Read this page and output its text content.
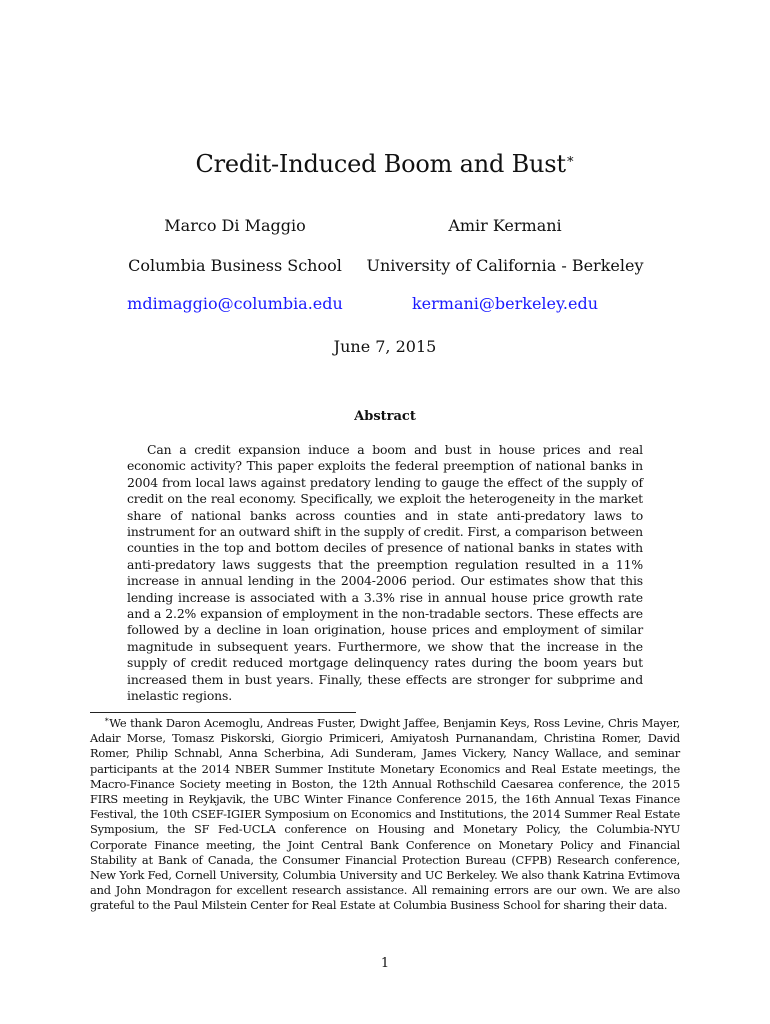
Credit-Induced Boom and Bust∗
Marco Di Maggio
Columbia Business School
mdimaggio@columbia.edu
Amir Kermani
University of California - Berkeley
kermani@berkeley.edu
June 7, 2015
Abstract
Can a credit expansion induce a boom and bust in house prices and real economic activity? This paper exploits the federal preemption of national banks in 2004 from local laws against predatory lending to gauge the effect of the supply of credit on the real economy. Specifically, we exploit the heterogeneity in the market share of national banks across counties and in state anti-predatory laws to instrument for an outward shift in the supply of credit. First, a comparison between counties in the top and bottom deciles of presence of national banks in states with anti-predatory laws suggests that the preemption regulation resulted in a 11% increase in annual lending in the 2004-2006 period. Our estimates show that this lending increase is associated with a 3.3% rise in annual house price growth rate and a 2.2% expansion of employment in the non-tradable sectors. These effects are followed by a decline in loan origination, house prices and employment of similar magnitude in subsequent years. Furthermore, we show that the increase in the supply of credit reduced mortgage delinquency rates during the boom years but increased them in bust years. Finally, these effects are stronger for subprime and inelastic regions.
∗We thank Daron Acemoglu, Andreas Fuster, Dwight Jaffee, Benjamin Keys, Ross Levine, Chris Mayer, Adair Morse, Tomasz Piskorski, Giorgio Primiceri, Amiyatosh Purnanandam, Christina Romer, David Romer, Philip Schnabl, Anna Scherbina, Adi Sunderam, James Vickery, Nancy Wallace, and seminar participants at the 2014 NBER Summer Institute Monetary Economics and Real Estate meetings, the Macro-Finance Society meeting in Boston, the 12th Annual Rothschild Caesarea conference, the 2015 FIRS meeting in Reykjavik, the UBC Winter Finance Conference 2015, the 16th Annual Texas Finance Festival, the 10th CSEF-IGIER Symposium on Economics and Institutions, the 2014 Summer Real Estate Symposium, the SF Fed-UCLA conference on Housing and Monetary Policy, the Columbia-NYU Corporate Finance meeting, the Joint Central Bank Conference on Monetary Policy and Financial Stability at Bank of Canada, the Consumer Financial Protection Bureau (CFPB) Research conference, New York Fed, Cornell University, Columbia University and UC Berkeley. We also thank Katrina Evtimova and John Mondragon for excellent research assistance. All remaining errors are our own. We are also grateful to the Paul Milstein Center for Real Estate at Columbia Business School for sharing their data.
1
